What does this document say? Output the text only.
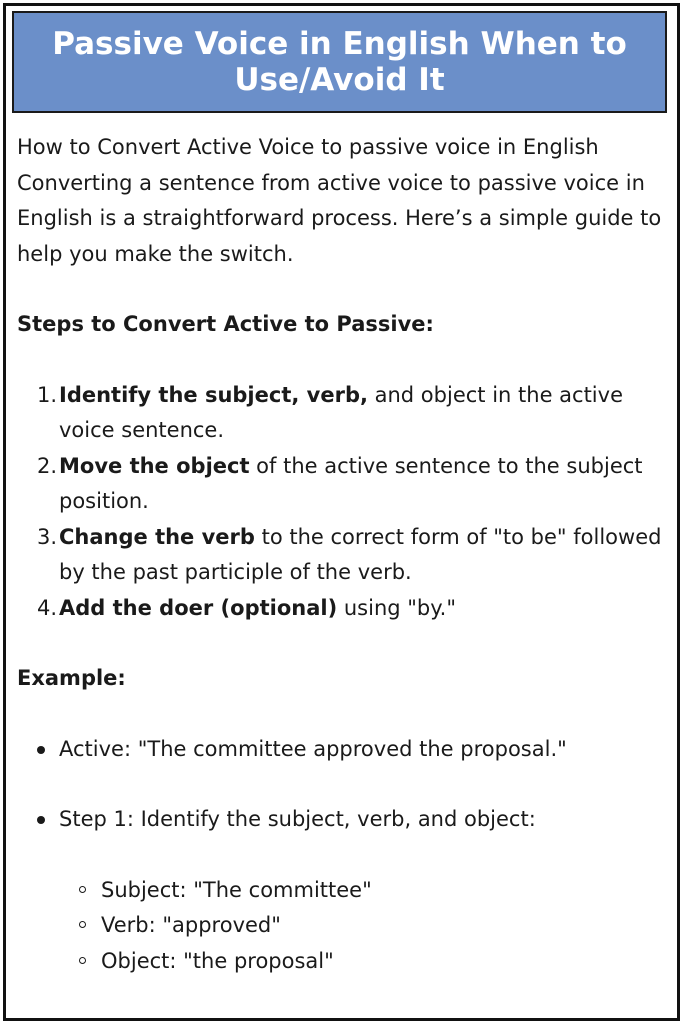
Passive Voice in English When to Use/Avoid It

How to Convert Active Voice to passive voice in English Converting a sentence from active voice to passive voice in English is a straightforward process. Here’s a simple guide to help you make the switch.

Steps to Convert Active to Passive:

1. Identify the subject, verb, and object in the active voice sentence.
2. Move the object of the active sentence to the subject position.
3. Change the verb to the correct form of "to be" followed by the past participle of the verb.
4. Add the doer (optional) using "by."

Example:

Active: "The committee approved the proposal."
Step 1: Identify the subject, verb, and object:
Subject: "The committee"
Verb: "approved"
Object: "the proposal"
